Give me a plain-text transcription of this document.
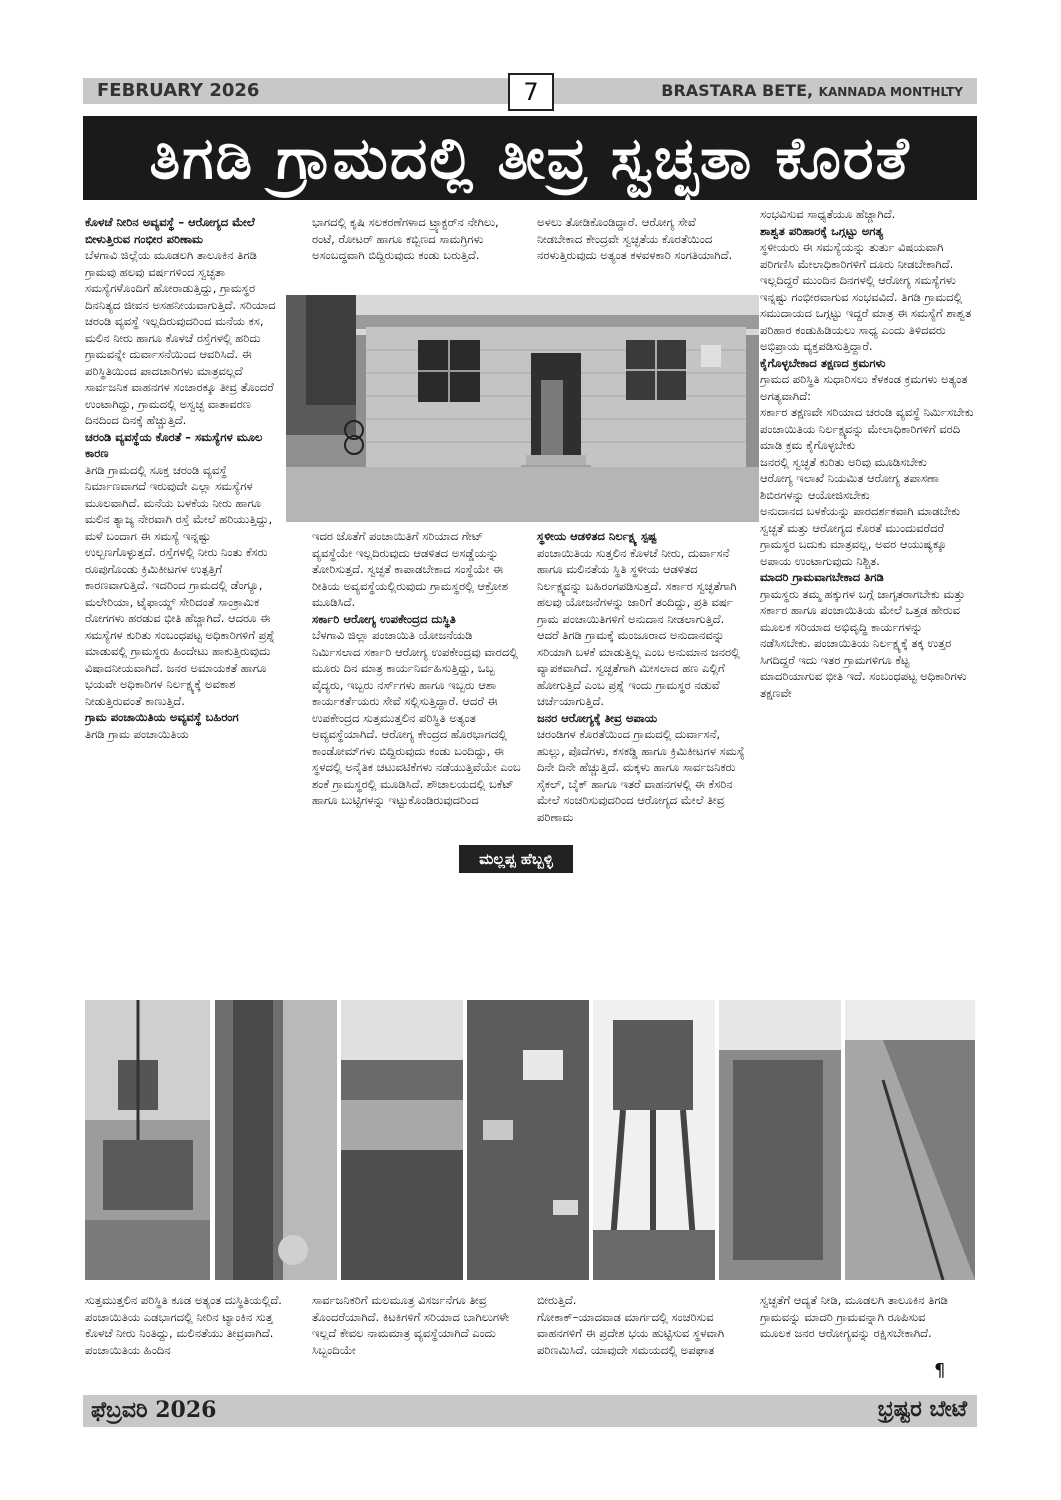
FEBRUARY 2026	BRASTARA BETE, KANNADA MONTHLTY
7
ತಿಗಡಿ ಗ್ರಾಮದಲ್ಲಿ ತೀವ್ರ ಸ್ವಚ್ಛತಾ ಕೊರತೆ
ಕೊಳಚೆ ನೀರಿನ ಅವ್ಯವಸ್ಥೆ – ಆರೋಗ್ಯದ ಮೇಲೆ ಬೀಳುತ್ತಿರುವ ಗಂಭೀರ ಪರಿಣಾಮ

ಬೆಳಗಾವಿ ಜಿಲ್ಲೆಯ ಮೂಡಲಗಿ ತಾಲೂಕಿನ ತಿಗಡಿ ಗ್ರಾಮವು ಹಲವು ವರ್ಷಗಳಿಂದ ಸ್ವಚ್ಛತಾ ಸಮಸ್ಯೆಗಳೊಂದಿಗೆ ಹೋರಾಡುತ್ತಿದ್ದು, ಗ್ರಾಮಸ್ಥರ ದಿನನಿತ್ಯದ ಜೀವನ ಅಸಹನೀಯವಾಗುತ್ತಿದೆ. ಸರಿಯಾದ ಚರಂಡಿ ವ್ಯವಸ್ಥೆ ಇಲ್ಲದಿರುವುದರಿಂದ ಮನೆಯ ಕಸ, ಮಲಿನ ನೀರು ಹಾಗೂ ಕೊಳಚೆ ರಸ್ತೆಗಳಲ್ಲಿ ಹರಿದು ಗ್ರಾಮವನ್ನೇ ದುರ್ವಾಸನೆಯಿಂದ ಆವರಿಸಿದೆ. ಈ ಪರಿಸ್ಥಿತಿಯಿಂದ ಪಾದಚಾರಿಗಳು ಮಾತ್ರವಲ್ಲದೆ ಸಾರ್ವಜನಿಕ ವಾಹನಗಳ ಸಂಚಾರಕ್ಕೂ ತೀವ್ರ ತೊಂದರೆ ಉಂಟಾಗಿದ್ದು, ಗ್ರಾಮದಲ್ಲಿ ಅಸ್ವಚ್ಛ ವಾತಾವರಣ ದಿನದಿಂದ ದಿನಕ್ಕೆ ಹೆಚ್ಚುತ್ತಿದೆ.

ಚರಂಡಿ ವ್ಯವಸ್ಥೆಯ ಕೊರತೆ – ಸಮಸ್ಯೆಗಳ ಮೂಲ ಕಾರಣ

ತಿಗಡಿ ಗ್ರಾಮದಲ್ಲಿ ಸೂಕ್ತ ಚರಂಡಿ ವ್ಯವಸ್ಥೆ ನಿರ್ಮಾಣವಾಗದೆ ಇರುವುದೇ ಎಲ್ಲಾ ಸಮಸ್ಯೆಗಳ ಮೂಲವಾಗಿದೆ. ಮನೆಯ ಬಳಕೆಯ ನೀರು ಹಾಗೂ ಮಲಿನ ತ್ಯಾಜ್ಯ ನೇರವಾಗಿ ರಸ್ತೆ ಮೇಲೆ ಹರಿಯುತ್ತಿದ್ದು, ಮಳೆ ಬಂದಾಗ ಈ ಸಮಸ್ಯೆ ಇನ್ನಷ್ಟು ಉಲ್ಬಣಗೊಳ್ಳುತ್ತದೆ. ರಸ್ತೆಗಳಲ್ಲಿ ನೀರು ನಿಂತು ಕೆಸರು ರೂಪುಗೊಂಡು ಕ್ರಿಮಿಕೀಟಗಳ ಉತ್ಪತ್ತಿಗೆ ಕಾರಣವಾಗುತ್ತಿದೆ. ಇದರಿಂದ ಗ್ರಾಮದಲ್ಲಿ ಡೆಂಗ್ಯೂ, ಮಲೇರಿಯಾ, ಟೈಫಾಯ್ಡ್ ಸೇರಿದಂತೆ ಸಾಂಕ್ರಾಮಿಕ ರೋಗಗಳು ಹರಡುವ ಭೀತಿ ಹೆಚ್ಚಾಗಿದೆ. ಆದರೂ ಈ ಸಮಸ್ಯೆಗಳ ಕುರಿತು ಸಂಬಂಧಪಟ್ಟ ಅಧಿಕಾರಿಗಳಿಗೆ ಪ್ರಶ್ನೆ ಮಾಡುವಲ್ಲಿ ಗ್ರಾಮಸ್ಥರು ಹಿಂದೇಟು ಹಾಕುತ್ತಿರುವುದು ವಿಷಾದನೀಯವಾಗಿದೆ. ಜನರ ಅಮಾಯಕತೆ ಹಾಗೂ ಭಯವೇ ಅಧಿಕಾರಿಗಳ ನಿರ್ಲಕ್ಷ್ಯಕ್ಕೆ ಅವಕಾಶ ನೀಡುತ್ತಿರುವಂತೆ ಕಾಣುತ್ತಿದೆ.

ಗ್ರಾಮ ಪಂಚಾಯಿತಿಯ ಅವ್ಯವಸ್ಥೆ ಬಹಿರಂಗ

ತಿಗಡಿ ಗ್ರಾಮ ಪಂಚಾಯಿತಿಯ

ಭಾಗದಲ್ಲಿ ಕೃಷಿ ಸಲಕರಣೆಗಳಾದ ಟ್ರ್ಯಾಕ್ಟರ್‌ನ ನೇಗಿಲು, ರಂಟೆ, ರೋಟರ್ ಹಾಗೂ ಕಬ್ಬಿಣದ ಸಾಮಗ್ರಿಗಳು ಅಸಂಬದ್ಧವಾಗಿ ಬಿದ್ದಿರುವುದು ಕಂಡು ಬರುತ್ತಿದೆ.

ಅಳಲು ತೋಡಿಕೊಂಡಿದ್ದಾರೆ. ಆರೋಗ್ಯ ಸೇವೆ ನೀಡಬೇಕಾದ ಕೇಂದ್ರವೇ ಸ್ವಚ್ಛತೆಯ ಕೊರತೆಯಿಂದ ನರಳುತ್ತಿರುವುದು ಅತ್ಯಂತ ಕಳವಳಕಾರಿ ಸಂಗತಿಯಾಗಿದೆ.

ಇದರ ಜೊತೆಗೆ ಪಂಚಾಯಿತಿಗೆ ಸರಿಯಾದ ಗೇಟ್ ವ್ಯವಸ್ಥೆಯೇ ಇಲ್ಲದಿರುವುದು ಆಡಳಿತದ ಅಸಡ್ಡೆಯನ್ನು ತೋರಿಸುತ್ತದೆ. ಸ್ವಚ್ಛತೆ ಕಾಪಾಡಬೇಕಾದ ಸಂಸ್ಥೆಯೇ ಈ ರೀತಿಯ ಅವ್ಯವಸ್ಥೆಯಲ್ಲಿರುವುದು ಗ್ರಾಮಸ್ಥರಲ್ಲಿ ಆಕ್ರೋಶ ಮೂಡಿಸಿದೆ.

ಸರ್ಕಾರಿ ಆರೋಗ್ಯ ಉಪಕೇಂದ್ರದ ದುಸ್ಥಿತಿ

ಬೆಳಗಾವಿ ಜಿಲ್ಲಾ ಪಂಚಾಯಿತಿ ಯೋಜನೆಯಡಿ ನಿರ್ಮಿಸಲಾದ ಸರ್ಕಾರಿ ಆರೋಗ್ಯ ಉಪಕೇಂದ್ರವು ವಾರದಲ್ಲಿ ಮೂರು ದಿನ ಮಾತ್ರ ಕಾರ್ಯನಿರ್ವಹಿಸುತ್ತಿದ್ದು, ಒಬ್ಬ ವೈದ್ಯರು, ಇಬ್ಬರು ನರ್ಸ್‌ಗಳು ಹಾಗೂ ಇಬ್ಬರು ಆಶಾ ಕಾರ್ಯಕರ್ತೆಯರು ಸೇವೆ ಸಲ್ಲಿಸುತ್ತಿದ್ದಾರೆ. ಆದರೆ ಈ ಉಪಕೇಂದ್ರದ ಸುತ್ತಮುತ್ತಲಿನ ಪರಿಸ್ಥಿತಿ ಅತ್ಯಂತ ಅವ್ಯವಸ್ಥೆಯಾಗಿದೆ. ಆರೋಗ್ಯ ಕೇಂದ್ರದ ಹೊರಭಾಗದಲ್ಲಿ ಕಾಂಡೋಮ್‌ಗಳು ಬಿದ್ದಿರುವುದು ಕಂಡು ಬಂದಿದ್ದು, ಈ ಸ್ಥಳದಲ್ಲಿ ಅನೈತಿಕ ಚಟುವಟಿಕೆಗಳು ನಡೆಯುತ್ತಿವೆಯೇ ಎಂಬ ಶಂಕೆ ಗ್ರಾಮಸ್ಥರಲ್ಲಿ ಮೂಡಿಸಿದೆ. ಶೌಚಾಲಯದಲ್ಲಿ ಬಕೆಟ್ ಹಾಗೂ ಬುಟ್ಟಿಗಳನ್ನು ಇಟ್ಟುಕೊಂಡಿರುವುದರಿಂದ

ಮಲ್ಲಪ್ಪ ಹೆಬ್ಬಳ್ಳಿ
ಸ್ಥಳೀಯ ಆಡಳಿತದ ನಿರ್ಲಕ್ಷ್ಯ ಸ್ಪಷ್ಟ

ಪಂಚಾಯಿತಿಯ ಸುತ್ತಲಿನ ಕೊಳಚೆ ನೀರು, ದುರ್ವಾಸನೆ ಹಾಗೂ ಮಲಿನತೆಯ ಸ್ಥಿತಿ ಸ್ಥಳೀಯ ಆಡಳಿತದ ನಿರ್ಲಕ್ಷ್ಯವನ್ನು ಬಹಿರಂಗಪಡಿಸುತ್ತದೆ. ಸರ್ಕಾರ ಸ್ವಚ್ಛತೆಗಾಗಿ ಹಲವು ಯೋಜನೆಗಳನ್ನು ಜಾರಿಗೆ ತಂದಿದ್ದು, ಪ್ರತಿ ವರ್ಷ ಗ್ರಾಮ ಪಂಚಾಯಿತಿಗಳಿಗೆ ಅನುದಾನ ನೀಡಲಾಗುತ್ತಿದೆ. ಆದರೆ ತಿಗಡಿ ಗ್ರಾಮಕ್ಕೆ ಮಂಜೂರಾದ ಅನುದಾನವನ್ನು ಸರಿಯಾಗಿ ಬಳಕೆ ಮಾಡುತ್ತಿಲ್ಲ ಎಂಬ ಅನುಮಾನ ಜನರಲ್ಲಿ ವ್ಯಾಪಕವಾಗಿದೆ. ಸ್ವಚ್ಛತೆಗಾಗಿ ಮೀಸಲಾದ ಹಣ ಎಲ್ಲಿಗೆ ಹೋಗುತ್ತಿದೆ ಎಂಬ ಪ್ರಶ್ನೆ ಇಂದು ಗ್ರಾಮಸ್ಥರ ನಡುವೆ ಚರ್ಚೆಯಾಗುತ್ತಿದೆ.

ಜನರ ಆರೋಗ್ಯಕ್ಕೆ ತೀವ್ರ ಅಪಾಯ

ಚರಂಡಿಗಳ ಕೊರತೆಯಿಂದ ಗ್ರಾಮದಲ್ಲಿ ದುರ್ವಾಸನೆ, ಹುಲ್ಲು, ಪೊದೆಗಳು, ಕಸಕಡ್ಡಿ ಹಾಗೂ ಕ್ರಿಮಿಕೀಟಗಳ ಸಮಸ್ಯೆ ದಿನೇ ದಿನೇ ಹೆಚ್ಚುತ್ತಿದೆ. ಮಕ್ಕಳು ಹಾಗೂ ಸಾರ್ವಜನಿಕರು ಸೈಕಲ್, ಬೈಕ್ ಹಾಗೂ ಇತರೆ ವಾಹನಗಳಲ್ಲಿ ಈ ಕೆಸರಿನ ಮೇಲೆ ಸಂಚರಿಸುವುದರಿಂದ ಆರೋಗ್ಯದ ಮೇಲೆ ತೀವ್ರ ಪರಿಣಾಮ

ಸಂಭವಿಸುವ ಸಾಧ್ಯತೆಯೂ ಹೆಚ್ಚಾಗಿದೆ.

ಶಾಶ್ವತ ಪರಿಹಾರಕ್ಕೆ ಒಗ್ಗಟ್ಟು ಅಗತ್ಯ

ಸ್ಥಳೀಯರು ಈ ಸಮಸ್ಯೆಯನ್ನು ತುರ್ತು ವಿಷಯವಾಗಿ ಪರಿಗಣಿಸಿ ಮೇಲಾಧಿಕಾರಿಗಳಿಗೆ ದೂರು ನೀಡಬೇಕಾಗಿದೆ. ಇಲ್ಲದಿದ್ದರೆ ಮುಂದಿನ ದಿನಗಳಲ್ಲಿ ಆರೋಗ್ಯ ಸಮಸ್ಯೆಗಳು ಇನ್ನಷ್ಟು ಗಂಭೀರವಾಗುವ ಸಂಭವವಿದೆ. ತಿಗಡಿ ಗ್ರಾಮದಲ್ಲಿ ಸಮುದಾಯದ ಒಗ್ಗಟ್ಟು ಇದ್ದರೆ ಮಾತ್ರ ಈ ಸಮಸ್ಯೆಗೆ ಶಾಶ್ವತ ಪರಿಹಾರ ಕಂಡುಹಿಡಿಯಲು ಸಾಧ್ಯ ಎಂದು ತಿಳಿದವರು ಅಭಿಪ್ರಾಯ ವ್ಯಕ್ತಪಡಿಸುತ್ತಿದ್ದಾರೆ.

ಕೈಗೊಳ್ಳಬೇಕಾದ ತಕ್ಷಣದ ಕ್ರಮಗಳು

ಗ್ರಾಮದ ಪರಿಸ್ಥಿತಿ ಸುಧಾರಿಸಲು ಕೆಳಕಂಡ ಕ್ರಮಗಳು ಅತ್ಯಂತ ಅಗತ್ಯವಾಗಿದೆ:

ಸರ್ಕಾರ ತಕ್ಷಣವೇ ಸರಿಯಾದ ಚರಂಡಿ ವ್ಯವಸ್ಥೆ ನಿರ್ಮಿಸಬೇಕು
ಪಂಚಾಯಿತಿಯ ನಿರ್ಲಕ್ಷ್ಯವನ್ನು ಮೇಲಾಧಿಕಾರಿಗಳಿಗೆ ವರದಿ ಮಾಡಿ ಕ್ರಮ ಕೈಗೊಳ್ಳಬೇಕು
ಜನರಲ್ಲಿ ಸ್ವಚ್ಛತೆ ಕುರಿತು ಅರಿವು ಮೂಡಿಸಬೇಕು
ಆರೋಗ್ಯ ಇಲಾಖೆ ನಿಯಮಿತ ಆರೋಗ್ಯ ತಪಾಸಣಾ ಶಿಬಿರಗಳನ್ನು ಆಯೋಜಿಸಬೇಕು
ಅನುದಾನದ ಬಳಕೆಯನ್ನು ಪಾರದರ್ಶಕವಾಗಿ ಮಾಡಬೇಕು

ಸ್ವಚ್ಛತೆ ಮತ್ತು ಆರೋಗ್ಯದ ಕೊರತೆ ಮುಂದುವರೆದರೆ ಗ್ರಾಮಸ್ಥರ ಬದುಕು ಮಾತ್ರವಲ್ಲ, ಅವರ ಆಯುಷ್ಯಕ್ಕೂ ಅಪಾಯ ಉಂಟಾಗುವುದು ನಿಶ್ಚಿತ.

ಮಾದರಿ ಗ್ರಾಮವಾಗಬೇಕಾದ ತಿಗಡಿ

ಗ್ರಾಮಸ್ಥರು ತಮ್ಮ ಹಕ್ಕುಗಳ ಬಗ್ಗೆ ಜಾಗೃತರಾಗಬೇಕು ಮತ್ತು ಸರ್ಕಾರ ಹಾಗೂ ಪಂಚಾಯಿತಿಯ ಮೇಲೆ ಒತ್ತಡ ಹೇರುವ ಮೂಲಕ ಸರಿಯಾದ ಅಭಿವೃದ್ಧಿ ಕಾರ್ಯಗಳನ್ನು ನಡೆಸಿಸಬೇಕು. ಪಂಚಾಯಿತಿಯ ನಿರ್ಲಕ್ಷ್ಯಕ್ಕೆ ತಕ್ಕ ಉತ್ತರ ಸಿಗದಿದ್ದರೆ ಇದು ಇತರ ಗ್ರಾಮಗಳಿಗೂ ಕೆಟ್ಟ ಮಾದರಿಯಾಗುವ ಭೀತಿ ಇದೆ. ಸಂಬಂಧಪಟ್ಟ ಅಧಿಕಾರಿಗಳು ತಕ್ಷಣವೇ

ಸುತ್ತಮುತ್ತಲಿನ ಪರಿಸ್ಥಿತಿ ಕೂಡ ಅತ್ಯಂತ ದುಸ್ಥಿತಿಯಲ್ಲಿದೆ. ಪಂಚಾಯಿತಿಯ ಎಡಭಾಗದಲ್ಲಿ ನೀರಿನ ಟ್ಯಾಂಕಿನ ಸುತ್ತ ಕೊಳಚೆ ನೀರು ನಿಂತಿದ್ದು, ಮಲಿನತೆಯು ತೀವ್ರವಾಗಿದೆ. ಪಂಚಾಯಿತಿಯ ಹಿಂದಿನ

ಸಾರ್ವಜನಿಕರಿಗೆ ಮಲಮೂತ್ರ ವಿಸರ್ಜನೆಗೂ ತೀವ್ರ ತೊಂದರೆಯಾಗಿದೆ. ಕಿಟಕಿಗಳಿಗೆ ಸರಿಯಾದ ಬಾಗಿಲುಗಳೇ ಇಲ್ಲದೆ ಕೇವಲ ನಾಮಮಾತ್ರ ವ್ಯವಸ್ಥೆಯಾಗಿದೆ ಎಂದು ಸಿಬ್ಬಂದಿಯೇ

ಬೀರುತ್ತಿದೆ.
ಗೋಕಾಕ್–ಯಾದವಾಡ ಮಾರ್ಗದಲ್ಲಿ ಸಂಚರಿಸುವ ವಾಹನಗಳಿಗೆ ಈ ಪ್ರದೇಶ ಭಯ ಹುಟ್ಟಿಸುವ ಸ್ಥಳವಾಗಿ ಪರಿಣಮಿಸಿದೆ. ಯಾವುದೇ ಸಮಯದಲ್ಲಿ ಅಪಘಾತ

ಸ್ವಚ್ಛತೆಗೆ ಆದ್ಯತೆ ನೀಡಿ, ಮೂಡಲಗಿ ತಾಲೂಕಿನ ತಿಗಡಿ ಗ್ರಾಮವನ್ನು ಮಾದರಿ ಗ್ರಾಮವನ್ನಾಗಿ ರೂಪಿಸುವ ಮೂಲಕ ಜನರ ಆರೋಗ್ಯವನ್ನು ರಕ್ಷಿಸಬೇಕಾಗಿದೆ.

¶
ಫೆಬ್ರವರಿ 2026	ಭ್ರಷ್ಟರ ಬೇಟೆ
